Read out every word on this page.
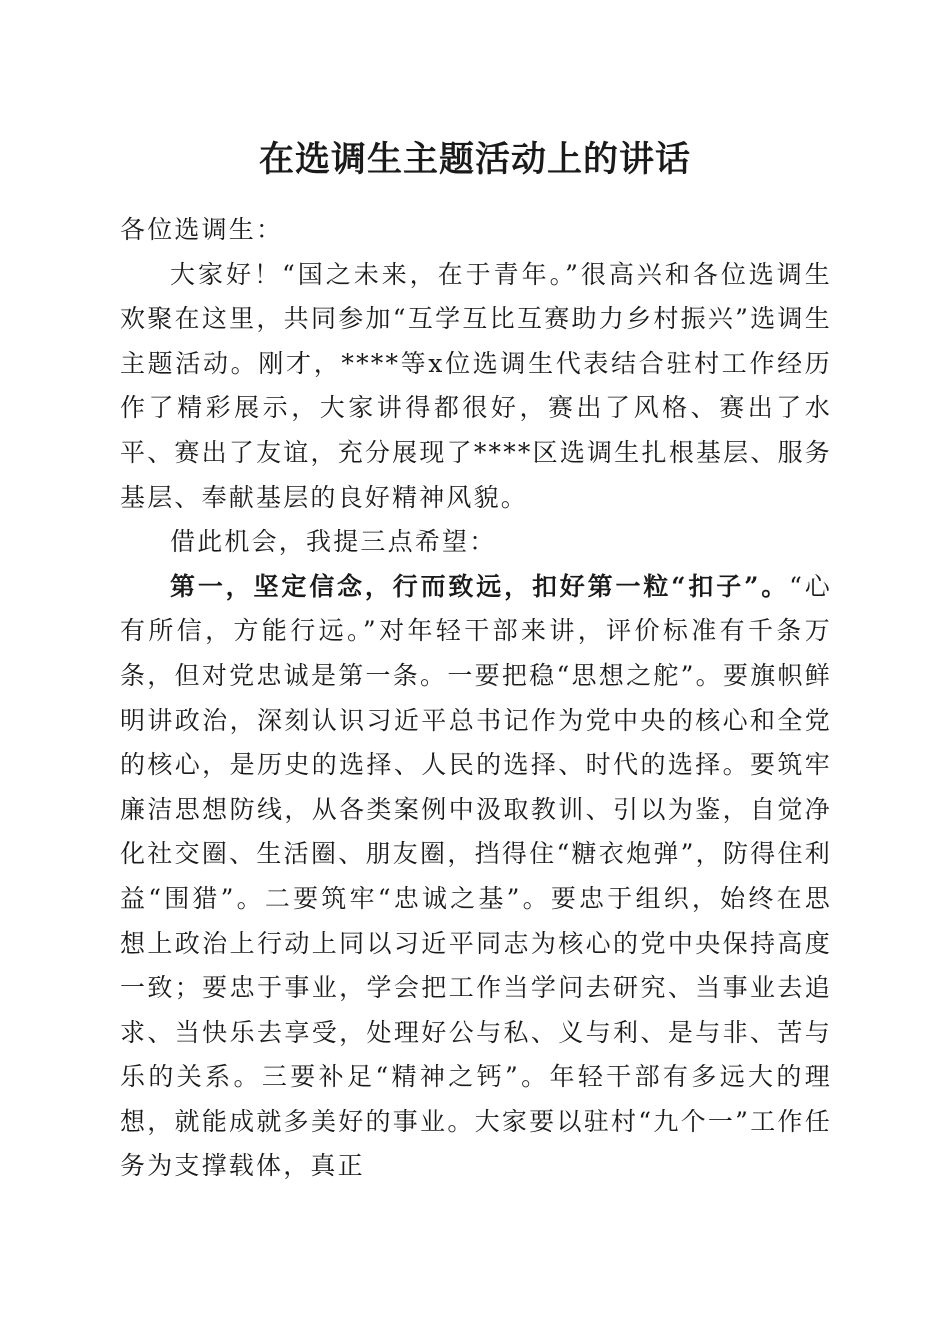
在选调生主题活动上的讲话

各位选调生：

大家好！“国之未来，在于青年。”很高兴和各位选调生欢聚在这里，共同参加“互学互比互赛助力乡村振兴”选调生主题活动。刚才，****等x位选调生代表结合驻村工作经历作了精彩展示，大家讲得都很好，赛出了风格、赛出了水平、赛出了友谊，充分展现了****区选调生扎根基层、服务基层、奉献基层的良好精神风貌。

借此机会，我提三点希望：

第一，坚定信念，行而致远，扣好第一粒“扣子”。“心有所信，方能行远。”对年轻干部来讲，评价标准有千条万条，但对党忠诚是第一条。一要把稳“思想之舵”。要旗帜鲜明讲政治，深刻认识习近平总书记作为党中央的核心和全党的核心，是历史的选择、人民的选择、时代的选择。要筑牢廉洁思想防线，从各类案例中汲取教训、引以为鉴，自觉净化社交圈、生活圈、朋友圈，挡得住“糖衣炮弹”，防得住利益“围猎”。二要筑牢“忠诚之基”。要忠于组织，始终在思想上政治上行动上同以习近平同志为核心的党中央保持高度一致；要忠于事业，学会把工作当学问去研究、当事业去追求、当快乐去享受，处理好公与私、义与利、是与非、苦与乐的关系。三要补足“精神之钙”。年轻干部有多远大的理想，就能成就多美好的事业。大家要以驻村“九个一”工作任务为支撑载体，真正
